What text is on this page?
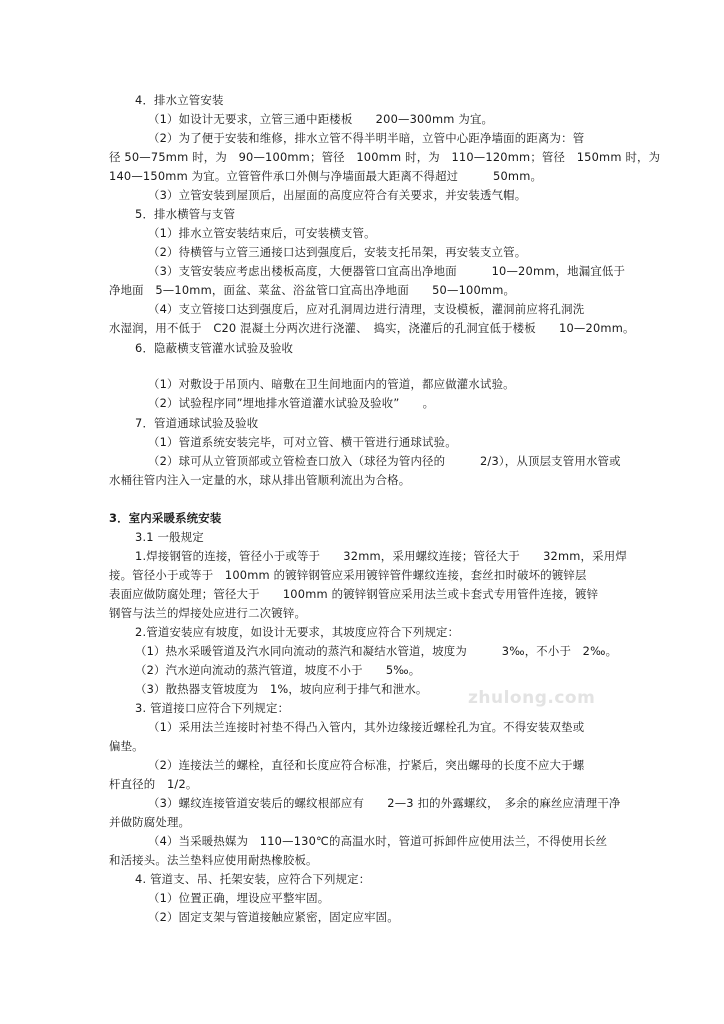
4．排水立管安装
（1）如设计无要求，立管三通中距楼板　　200—300mm 为宜。
（2）为了便于安装和维修，排水立管不得半明半暗，立管中心距净墙面的距离为：管
径 50—75mm 时，为　90—100mm；管径　100mm 时，为　110—120mm；管径　150mm 时，为
140—150mm 为宜。立管管件承口外侧与净墙面最大距离不得超过　　　50mm。
（3）立管安装到屋顶后，出屋面的高度应符合有关要求，并安装透气帽。
5．排水横管与支管
（1）排水立管安装结束后，可安装横支管。
（2）待横管与立管三通接口达到强度后，安装支托吊架，再安装支立管。
（3）支管安装应考虑出楼板高度，大便器管口宜高出净地面　　　10—20mm，地漏宜低于
净地面　5—10mm，面盆、菜盆、浴盆管口宜高出净地面　　50—100mm。
（4）支立管接口达到强度后，应对孔洞周边进行清理，支设模板，灌洞前应将孔洞洗
水湿润，用不低于　C20 混凝土分两次进行浇灌、　捣实，浇灌后的孔洞宜低于楼板　　10—20mm。
6．隐蔽横支管灌水试验及验收
（1）对敷设于吊顶内、暗敷在卫生间地面内的管道，都应做灌水试验。
（2）试验程序同”埋地排水管道灌水试验及验收”　　。
7．管道通球试验及验收
（1）管道系统安装完毕，可对立管、横干管进行通球试验。
（2）球可从立管顶部或立管检查口放入（球径为管内径的　　　2/3），从顶层支管用水管或
水桶往管内注入一定量的水，球从排出管顺利流出为合格。
3．室内采暖系统安装
3.1 一般规定
1.焊接钢管的连接，管径小于或等于　　32mm，采用螺纹连接；管径大于　　32mm，采用焊
接。管径小于或等于　100mm 的镀锌钢管应采用镀锌管件螺纹连接，套丝扣时破坏的镀锌层
表面应做防腐处理；管径大于　　100mm 的镀锌钢管应采用法兰或卡套式专用管件连接，镀锌
钢管与法兰的焊接处应进行二次镀锌。
2.管道安装应有坡度，如设计无要求，其坡度应符合下列规定：
（1）热水采暖管道及汽水同向流动的蒸汽和凝结水管道，坡度为　　　3‰，不小于　2‰。
（2）汽水逆向流动的蒸汽管道，坡度不小于　　5‰。
（3）散热器支管坡度为　1%，坡向应利于排气和泄水。
3. 管道接口应符合下列规定：
（1）采用法兰连接时衬垫不得凸入管内，其外边缘接近螺栓孔为宜。不得安装双垫或
偏垫。
（2）连接法兰的螺栓，直径和长度应符合标准，拧紧后，突出螺母的长度不应大于螺
杆直径的　1/2。
（3）螺纹连接管道安装后的螺纹根部应有　　2—3 扣的外露螺纹，　多余的麻丝应清理干净
并做防腐处理。
（4）当采暖热媒为　110—130℃的高温水时，管道可拆卸件应使用法兰，不得使用长丝
和活接头。法兰垫料应使用耐热橡胶板。
4. 管道支、吊、托架安装，应符合下列规定：
（1）位置正确，埋设应平整牢固。
（2）固定支架与管道接触应紧密，固定应牢固。
zhulong.com
